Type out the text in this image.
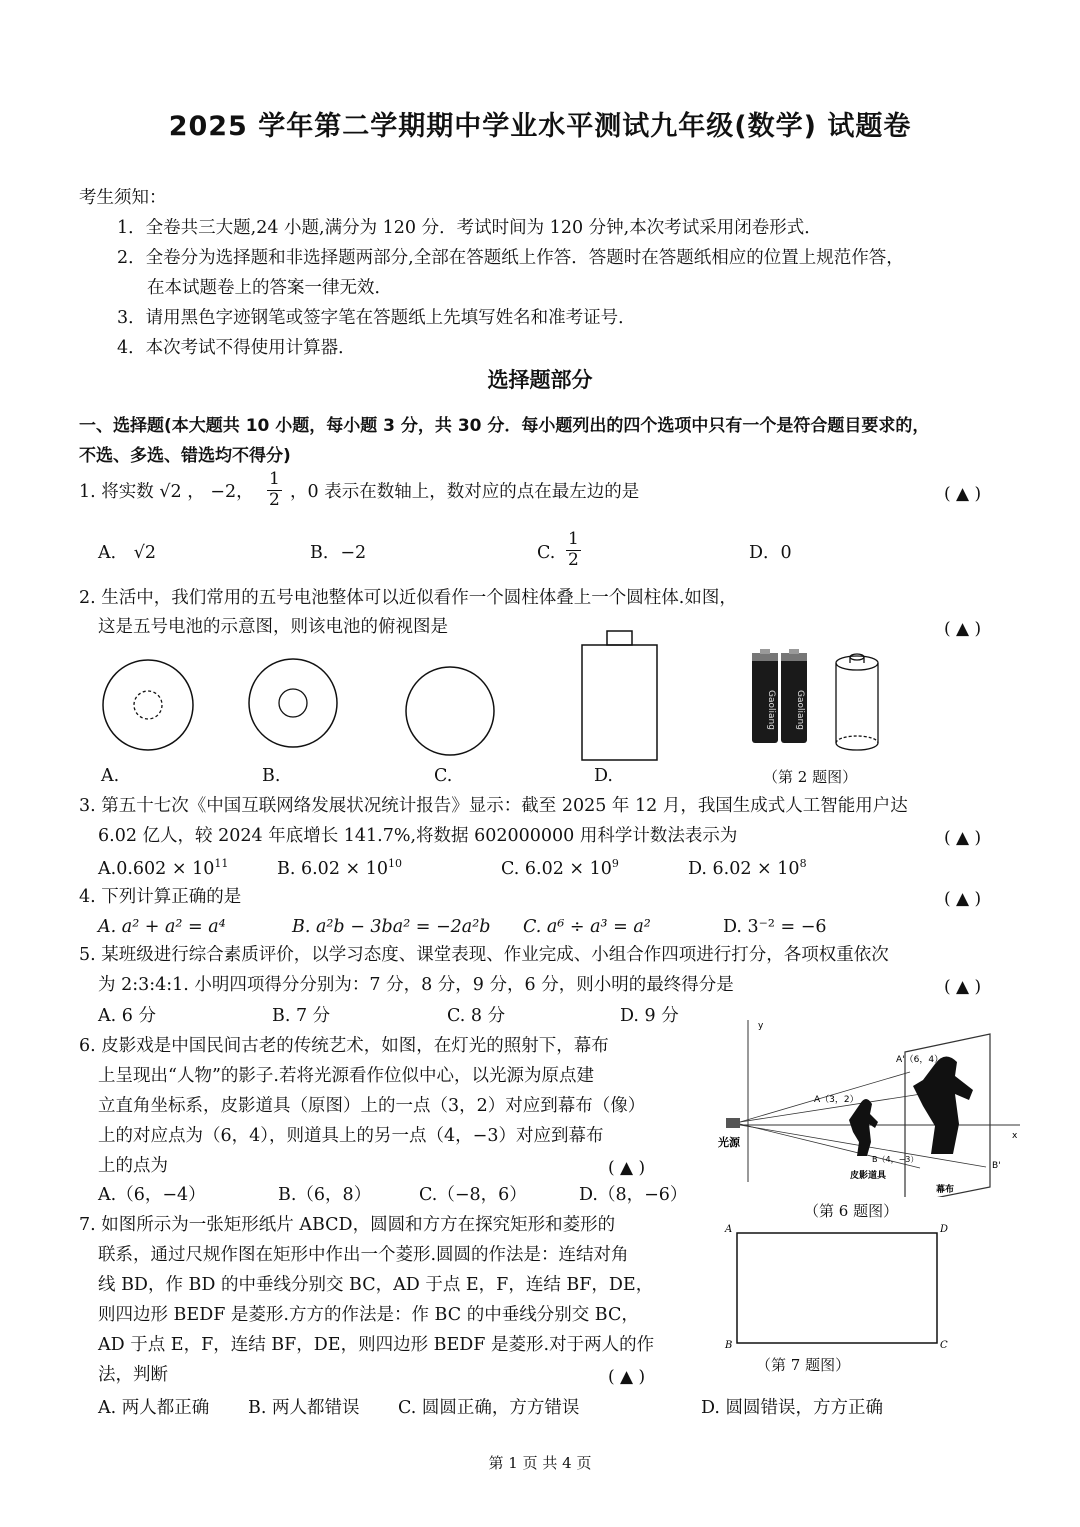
2025 学年第二学期期中学业水平测试九年级(数学) 试题卷
考生须知：
1．全卷共三大题,24 小题,满分为 120 分．考试时间为 120 分钟,本次考试采用闭卷形式．
2．全卷分为选择题和非选择题两部分,全部在答题纸上作答．答题时在答题纸相应的位置上规范作答，
在本试题卷上的答案一律无效．
3．请用黑色字迹钢笔或签字笔在答题纸上先填写姓名和准考证号．
4．本次考试不得使用计算器．
选择题部分
一、选择题(本大题共 10 小题，每小题 3 分，共 30 分．每小题列出的四个选项中只有一个是符合题目要求的，
不选、多选、错选均不得分)
1. 将实数 √2 ， −2， $\frac{1}{2}$ ，0 表示在数轴上，数对应的点在最左边的是	( ▲ )
A． √2	B．−2	C. $\frac{1}{2}$	D．0
2. 生活中，我们常用的五号电池整体可以近似看作一个圆柱体叠上一个圆柱体.如图，
这是五号电池的示意图，则该电池的俯视图是	( ▲ )
Gaoliang Gaoliang
A.	B.	C.	D.	（第 2 题图）
3. 第五十七次《中国互联网络发展状况统计报告》显示：截至 2025 年 12 月，我国生成式人工智能用户达
6.02 亿人，较 2024 年底增长 141.7%,将数据 602000000 用科学计数法表示为	( ▲ )
$A.0.602 \times 10^{11}$	B. $6.02 \times 10^{10}$	C. $6.02 \times 10^9$	D. $6.02 \times 10^8$
4. 下列计算正确的是	( ▲ )
A. a² + a² = a⁴	B. a²b − 3ba² = −2a²b C. a⁶ ÷ a³ = a²	D. 3⁻² = −6
5. 某班级进行综合素质评价，以学习态度、课堂表现、作业完成、小组合作四项进行打分，各项权重依次
为 2:3:4:1. 小明四项得分分别为：7 分，8 分，9 分，6 分，则小明的最终得分是	( ▲ )
A. 6 分	B. 7 分	C. 8 分	D. 9 分
6. 皮影戏是中国民间古老的传统艺术，如图，在灯光的照射下，幕布
上呈现出“人物”的影子.若将光源看作位似中心，以光源为原点建
立直角坐标系，皮影道具（原图）上的一点（3，2）对应到幕布（像）
上的对应点为（6，4），则道具上的另一点（4，−3）对应到幕布
上的点为	( ▲ )
A.（6，−4）	B.（6，8）	C.（−8，6）	D.（8，−6）
y
x
光源
A（3，2）
A'（6，4）
B（4，−3）
B'
皮影道具
幕布
（第 6 题图）
7. 如图所示为一张矩形纸片 ABCD，圆圆和方方在探究矩形和菱形的
联系，通过尺规作图在矩形中作出一个菱形.圆圆的作法是：连结对角
线 BD，作 BD 的中垂线分别交 BC，AD 于点 E，F，连结 BF，DE，
则四边形 BEDF 是菱形.方方的作法是：作 BC 的中垂线分别交 BC，
AD 于点 E，F，连结 BF，DE，则四边形 BEDF 是菱形.对于两人的作
法，判断	( ▲ )
A	D
B	C
（第 7 题图）
A. 两人都正确 B. 两人都错误 C. 圆圆正确，方方错误	D. 圆圆错误，方方正确
第 1 页 共 4 页
